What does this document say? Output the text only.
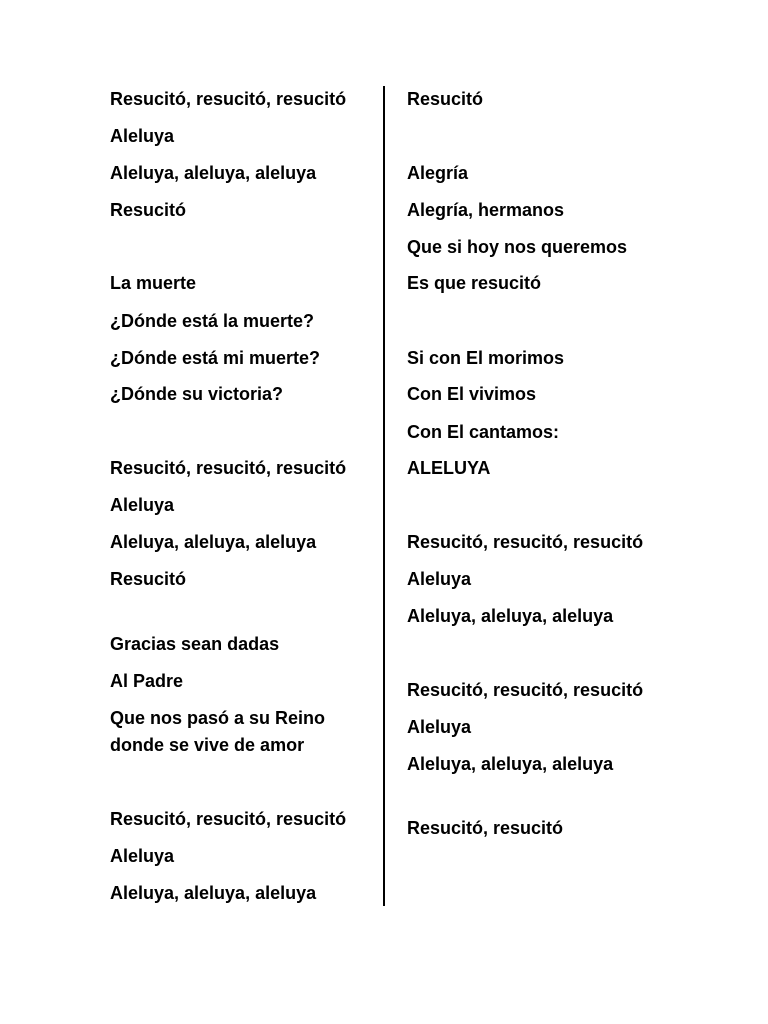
Resucitó, resucitó, resucitó
Aleluya
Aleluya, aleluya, aleluya
Resucitó
La muerte
¿Dónde está la muerte?
¿Dónde está mi muerte?
¿Dónde su victoria?
Resucitó, resucitó, resucitó
Aleluya
Aleluya, aleluya, aleluya
Resucitó
Gracias sean dadas
Al Padre
Que nos pasó a su Reino
donde se vive de amor
Resucitó, resucitó, resucitó
Aleluya
Aleluya, aleluya, aleluya
Resucitó
Alegría
Alegría, hermanos
Que si hoy nos queremos
Es que resucitó
Si con El morimos
Con El vivimos
Con El cantamos:
ALELUYA
Resucitó, resucitó, resucitó
Aleluya
Aleluya, aleluya, aleluya
Resucitó, resucitó, resucitó
Aleluya
Aleluya, aleluya, aleluya
Resucitó, resucitó
